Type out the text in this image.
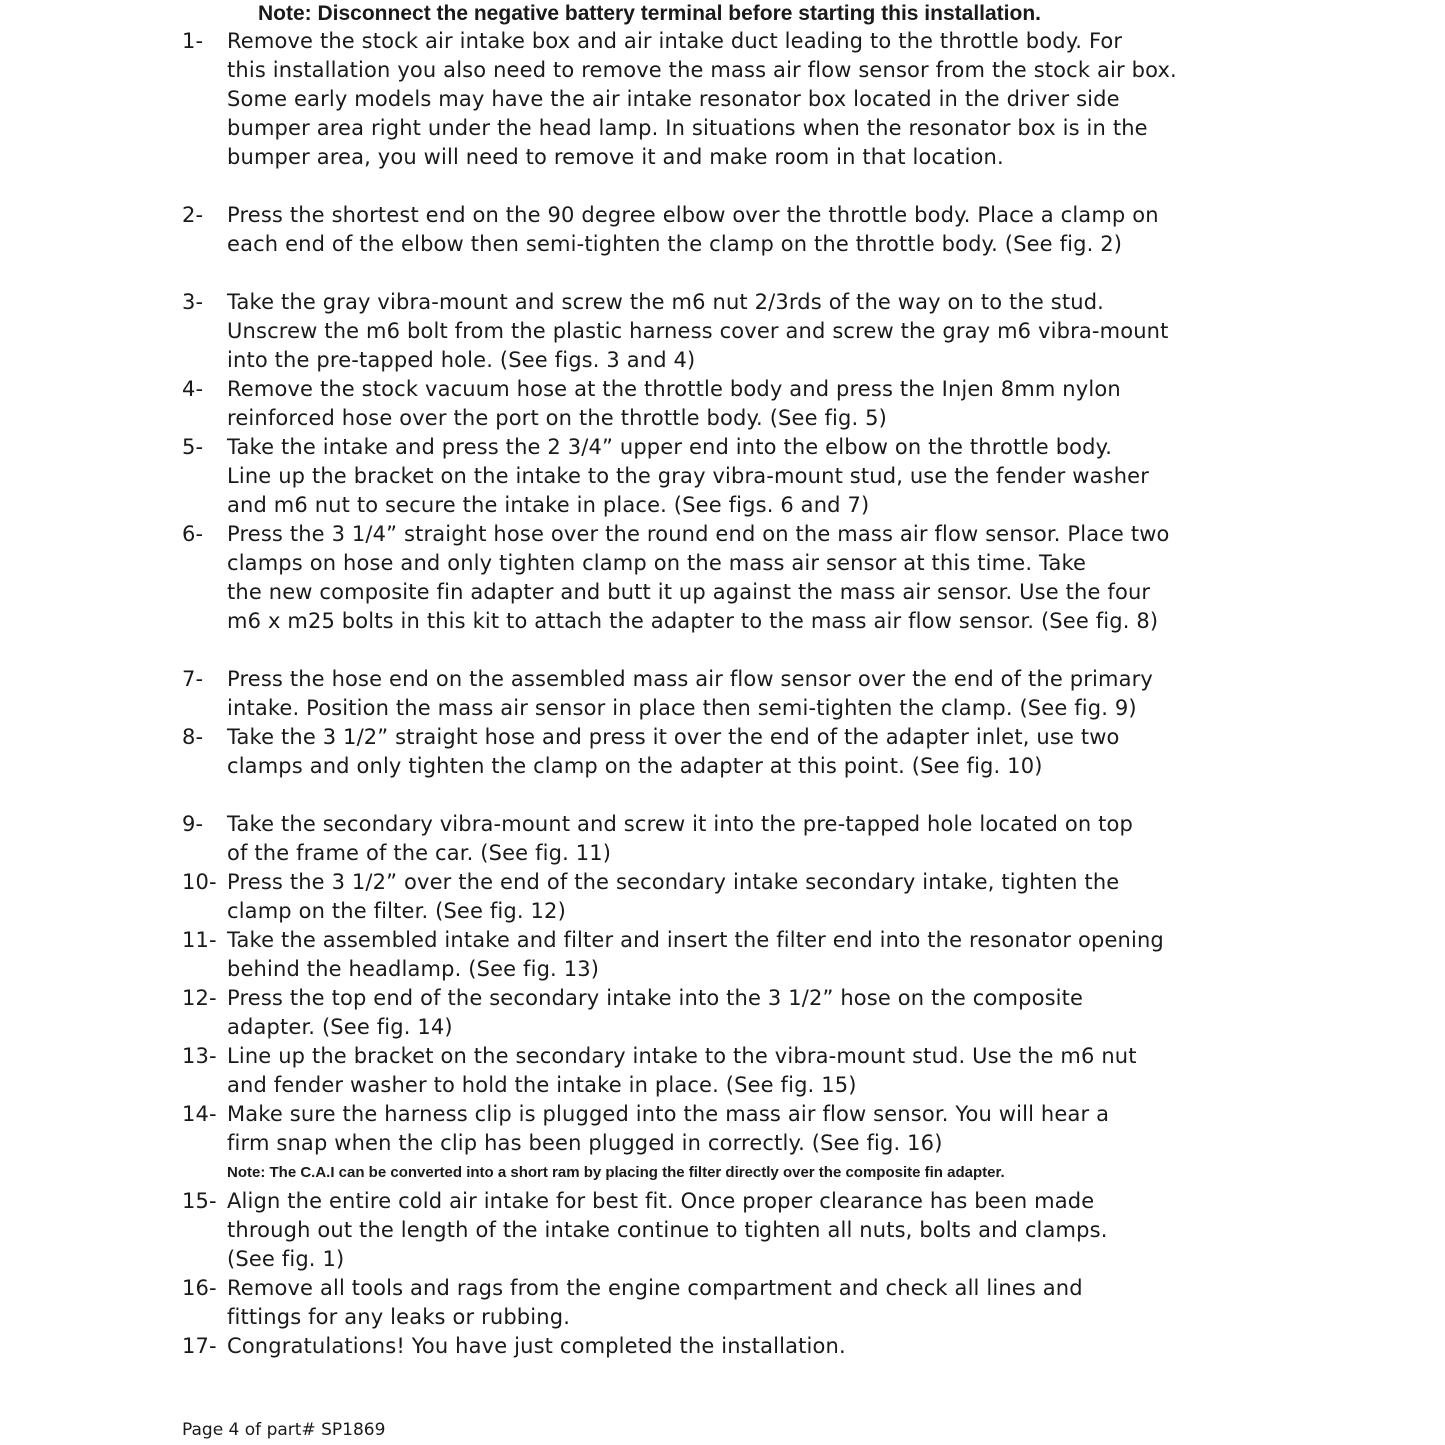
Note: Disconnect the negative battery terminal before starting this installation.
1- Remove the stock air intake box and air intake duct leading to the throttle body. For
this installation you also need to remove the mass air flow sensor from the stock air box.
Some early models may have the air intake resonator box located in the driver side
bumper area right under the head lamp. In situations when the resonator box is in the
bumper area, you will need to remove it and make room in that location.
2- Press the shortest end on the 90 degree elbow over the throttle body. Place a clamp on
each end of the elbow then semi-tighten the clamp on the throttle body. (See fig. 2)
3- Take the gray vibra-mount and screw the m6 nut 2/3rds of the way on to the stud.
Unscrew the m6 bolt from the plastic harness cover and screw the gray m6 vibra-mount
into the pre-tapped hole. (See figs. 3 and 4)
4- Remove the stock vacuum hose at the throttle body and press the Injen 8mm nylon
reinforced hose over the port on the throttle body. (See fig. 5)
5- Take the intake and press the 2 3/4” upper end into the elbow on the throttle body.
Line up the bracket on the intake to the gray vibra-mount stud, use the fender washer
and m6 nut to secure the intake in place. (See figs. 6 and 7)
6- Press the 3 1/4” straight hose over the round end on the mass air flow sensor. Place two
clamps on hose and only tighten clamp on the mass air sensor at this time. Take
the new composite fin adapter and butt it up against the mass air sensor. Use the four
m6 x m25 bolts in this kit to attach the adapter to the mass air flow sensor. (See fig. 8)
7- Press the hose end on the assembled mass air flow sensor over the end of the primary
intake. Position the mass air sensor in place then semi-tighten the clamp. (See fig. 9)
8- Take the 3 1/2” straight hose and press it over the end of the adapter inlet, use two
clamps and only tighten the clamp on the adapter at this point. (See fig. 10)
9- Take the secondary vibra-mount and screw it into the pre-tapped hole located on top
of the frame of the car. (See fig. 11)
10- Press the 3 1/2” over the end of the secondary intake secondary intake, tighten the
clamp on the filter. (See fig. 12)
11- Take the assembled intake and filter and insert the filter end into the resonator opening
behind the headlamp. (See fig. 13)
12- Press the top end of the secondary intake into the 3 1/2” hose on the composite
adapter. (See fig. 14)
13- Line up the bracket on the secondary intake to the vibra-mount stud. Use the m6 nut
and fender washer to hold the intake in place. (See fig. 15)
14- Make sure the harness clip is plugged into the mass air flow sensor. You will hear a
firm snap when the clip has been plugged in correctly. (See fig. 16)
Note: The C.A.I can be converted into a short ram by placing the filter directly over the composite fin adapter.
15- Align the entire cold air intake for best fit. Once proper clearance has been made
through out the length of the intake continue to tighten all nuts, bolts and clamps.
(See fig. 1)
16- Remove all tools and rags from the engine compartment and check all lines and
fittings for any leaks or rubbing.
17- Congratulations! You have just completed the installation.
Page 4 of part# SP1869
